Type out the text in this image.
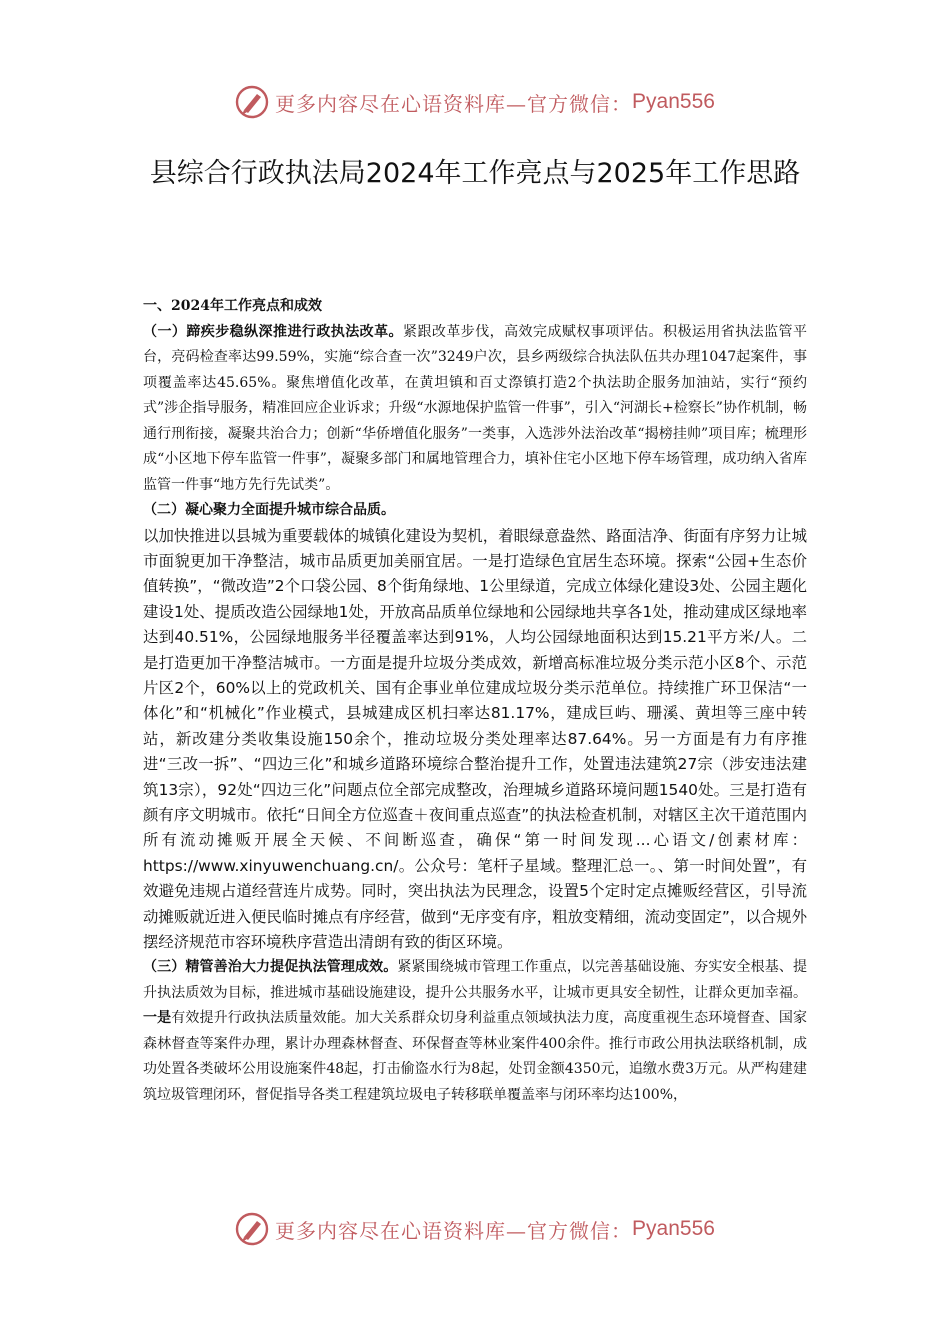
更多内容尽在心语资料库—官方微信： Pyan556
县综合行政执法局2024年工作亮点与2025年工作思路

一、2024年工作亮点和成效

（一）蹄疾步稳纵深推进行政执法改革。紧跟改革步伐，高效完成赋权事项评估。积极运用省执法监管平台，亮码检查率达99.59%，实施“综合查一次”3249户次，县乡两级综合执法队伍共办理1047起案件，事项覆盖率达45.65%。聚焦增值化改革，在黄坦镇和百丈漈镇打造2个执法助企服务加油站，实行“预约式”涉企指导服务，精准回应企业诉求；升级“水源地保护监管一件事”，引入“河湖长+检察长”协作机制，畅通行刑衔接，凝聚共治合力；创新“华侨增值化服务”一类事，入选涉外法治改革“揭榜挂帅”项目库；梳理形成“小区地下停车监管一件事”，凝聚多部门和属地管理合力，填补住宅小区地下停车场管理，成功纳入省库监管一件事“地方先行先试类”。

（二）凝心聚力全面提升城市综合品质。

以加快推进以县城为重要载体的城镇化建设为契机，着眼绿意盎然、路面洁净、街面有序努力让城市面貌更加干净整洁，城市品质更加美丽宜居。一是打造绿色宜居生态环境。探索“公园+生态价值转换”，“微改造”2个口袋公园、8个街角绿地、1公里绿道，完成立体绿化建设3处、公园主题化建设1处、提质改造公园绿地1处，开放高品质单位绿地和公园绿地共享各1处，推动建成区绿地率达到40.51%，公园绿地服务半径覆盖率达到91%，人均公园绿地面积达到15.21平方米/人。二是打造更加干净整洁城市。一方面是提升垃圾分类成效，新增高标准垃圾分类示范小区8个、示范片区2个，60%以上的党政机关、国有企事业单位建成垃圾分类示范单位。持续推广环卫保洁“一体化”和“机械化”作业模式，县城建成区机扫率达81.17%，建成巨屿、珊溪、黄坦等三座中转站，新改建分类收集设施150余个，推动垃圾分类处理率达87.64%。另一方面是有力有序推进“三改一拆”、“四边三化”和城乡道路环境综合整治提升工作，处置违法建筑27宗（涉安违法建筑13宗），92处“四边三化”问题点位全部完成整改，治理城乡道路环境问题1540处。三是打造有颜有序文明城市。依托“日间全方位巡查＋夜间重点巡查”的执法检查机制，对辖区主次干道范围内所有流动摊贩开展全天候、不间断巡查，确保“第一时间发现...心语文/创素材库：https://www.xinyuwenchuang.cn/。公众号：笔杆子星域。整理汇总一。、第一时间处置”，有效避免违规占道经营连片成势。同时，突出执法为民理念，设置5个定时定点摊贩经营区，引导流动摊贩就近进入便民临时摊点有序经营，做到“无序变有序，粗放变精细，流动变固定”，以合规外摆经济规范市容环境秩序营造出清朗有致的街区环境。

（三）精管善治大力提促执法管理成效。紧紧围绕城市管理工作重点，以完善基础设施、夯实安全根基、提升执法质效为目标，推进城市基础设施建设，提升公共服务水平，让城市更具安全韧性，让群众更加幸福。一是有效提升行政执法质量效能。加大关系群众切身利益重点领域执法力度，高度重视生态环境督查、国家森林督查等案件办理，累计办理森林督查、环保督查等林业案件400余件。推行市政公用执法联络机制，成功处置各类破坏公用设施案件48起，打击偷盗水行为8起，处罚金额4350元，追缴水费3万元。从严构建建筑垃圾管理闭环，督促指导各类工程建筑垃圾电子转移联单覆盖率与闭环率均达100%，

更多内容尽在心语资料库—官方微信： Pyan556
